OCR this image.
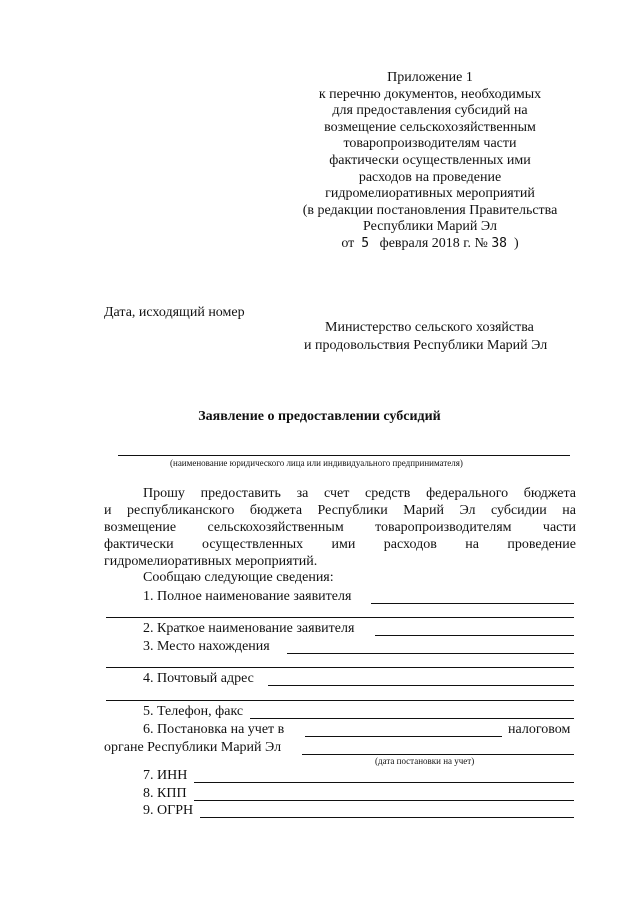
Приложение 1
к перечню документов, необходимых
для предоставления субсидий на
возмещение сельскохозяйственным
товаропроизводителям части
фактически осуществленных ими
расходов на проведение
гидромелиоративных мероприятий
(в редакции постановления Правительства
Республики Марий Эл
от 5 февраля 2018 г. № 38 )
Дата, исходящий номер
Министерство сельского хозяйства
и продовольствия Республики Марий Эл
Заявление о предоставлении субсидий
(наименование юридического лица или индивидуального предпринимателя)
Прошу предоставить за счет средств федерального бюджета
и республиканского бюджета Республики Марий Эл субсидии на
возмещение сельскохозяйственным товаропроизводителям части
фактически осуществленных ими расходов на проведение
гидромелиоративных мероприятий.
Сообщаю следующие сведения:
1. Полное наименование заявителя
2. Краткое наименование заявителя
3. Место нахождения
4. Почтовый адрес
5. Телефон, факс
6. Постановка на учет в	налоговом
органе Республики Марий Эл
(дата постановки на учет)
7. ИНН
8. КПП
9. ОГРН
